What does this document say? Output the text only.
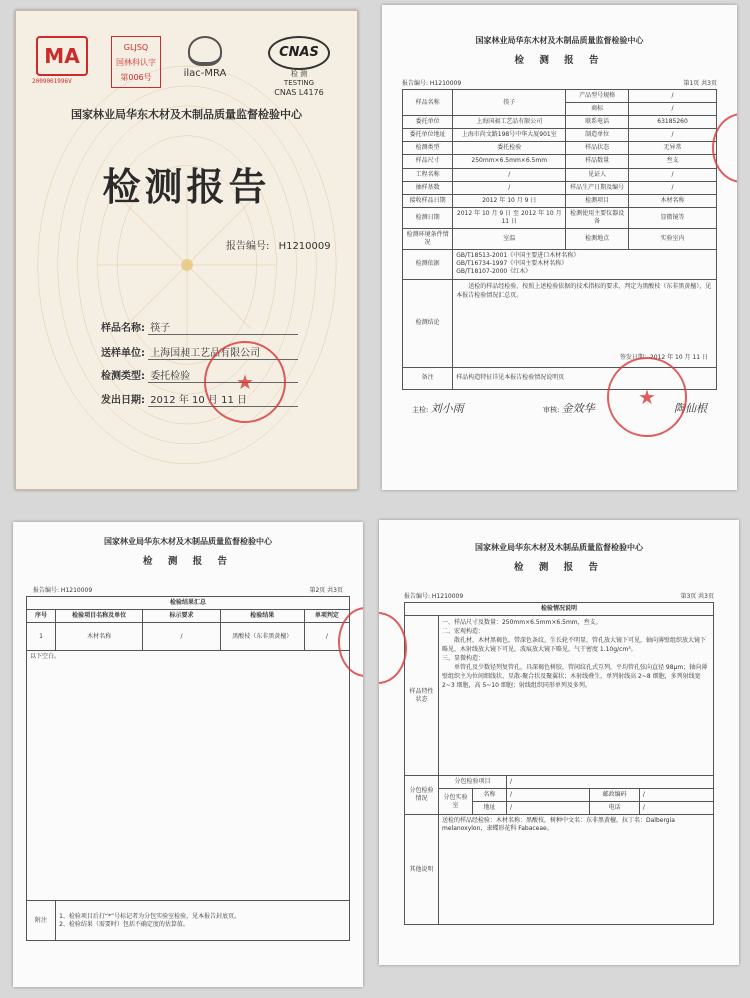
MA
2009001996V
GLJSQ
国林科认字
第006号	ilac-MRA
CNAS
检 测
TESTING
CNAS L4176
国家林业局华东木材及木制品质量监督检验中心
检测报告
报告编号: H1210009
样品名称: 筷子
送样单位: 上海国昶工艺品有限公司
检测类型: 委托检验
发出日期: 2012 年 10 月 11 日
★
国家林业局华东木材及木制品质量监督检验中心
检 测 报 告
报告编号: H1210009	第1页 共3页
样品名称	筷子	产品型号规格	/
		商标	/
委托单位	上海国昶工艺品有限公司	联系电话	63185260
委托单位地址	上海市尚文路198号中华大厦901室	制造单位	/
检测类型	委托检验	样品状态	无异常
样品尺寸	250mm×6.5mm×6.5mm	样品数量	叁支
工程名称	/	见证人	/
抽样基数	/	样品生产日期及编号	/
接收样品日期	2012 年 10 月 9 日	检测项目	木材名称
检测日期	2012 年 10 月 9 日 至 2012 年 10 月 11 日	检测使用主要仪器设备	显微镜等
检测环境条件情况	室温	检测地点	实验室内
检测依据	GB/T18513-2001《中国主要进口木材名称》
GB/T16734-1997《中国主要木材名称》
GB/T18107-2000《红木》		

检测结论	送检的样品经检验，按照上述检验依据的技术指标的要求，判定为黑酸枝（东非黑黄檀），见本报告检验情况汇总页。
签发日期：2012 年 10 月 11 日		

备注	样品构造特征详见本报告检验情况说明页		
主检: 刘小雨	审核: 金效华	陶仙根
★
国家林业局华东木材及木制品质量监督检验中心
检 测 报 告
报告编号: H1210009	第2页 共3页
检验结果汇总				
序号	检验项目名称及单位	标示要求	检验结果	单项判定
1	木材名称	/	黑酸枝（东非黑黄檀）	/
以下空白。				
附注	1、检验项目后打“*”号标记者为分包实验室检验，见本报告封底页。
2、检验结果（需要时）包括不确定度的估算值。			
国家林业局华东木材及木制品质量监督检验中心
检 测 报 告
报告编号: H1210009	第3页 共3页
检验情况说明					
样品特性状态	一、样品尺寸及数量：250mm×6.5mm×6.5mm，叁支。
二、宏观构造：
散孔材，木材黑褐色，带深色条纹，生长轮不明显，管孔放大镜下可见，轴向薄壁组织放大镜下略见，木射线放大镜下可见，波痕放大镜下略见，气干密度 1.10g/cm³。
三、显微构造：
单管孔及少数径列复管孔，具深褐色树胶，管间纹孔式互列，平均管孔弦向直径 98μm；轴向薄壁组织主为位间细线状、星散-聚合状及聚翼状；木射线叠生，单列射线高 2~8 细胞，多列射线宽 2~3 细胞，高 5~10 细胞；射线组织同形单列及多列。				

分包检验情况	分包检验项目		/		
	分包实验室	名称	/	邮政编码	/
		地址	/	电话	/
其他说明	送检的样品经检验：木材名称：黑酸枝，树种中文名：东非黑黄檀，拉丁名：Dalbergia melanoxylon，隶蝶形花科 Fabaceae。				
